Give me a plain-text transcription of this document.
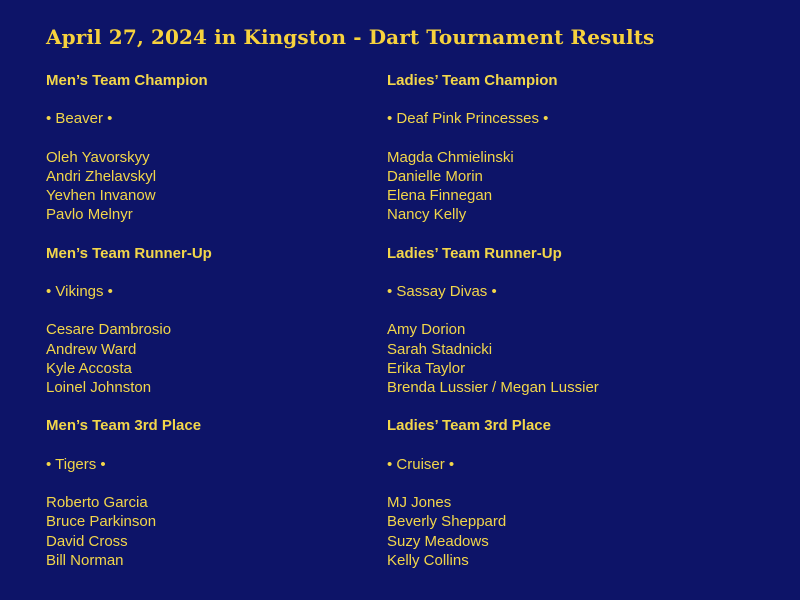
April 27, 2024 in Kingston - Dart Tournament Results
Men’s Team Champion
• Beaver •
Oleh Yavorskyy
Andri Zhelavskyl
Yevhen Invanow
Pavlo Melnyr
Men’s Team Runner-Up
• Vikings •
Cesare Dambrosio
Andrew Ward
Kyle Accosta
Loinel Johnston
Men’s Team 3rd Place
• Tigers •
Roberto Garcia
Bruce Parkinson
David Cross
Bill Norman
Ladies’ Team Champion
• Deaf Pink Princesses •
Magda Chmielinski
Danielle Morin
Elena Finnegan
Nancy Kelly
Ladies’ Team Runner-Up
• Sassay Divas •
Amy Dorion
Sarah Stadnicki
Erika Taylor
Brenda Lussier / Megan Lussier
Ladies’ Team 3rd Place
• Cruiser •
MJ Jones
Beverly Sheppard
Suzy Meadows
Kelly Collins
